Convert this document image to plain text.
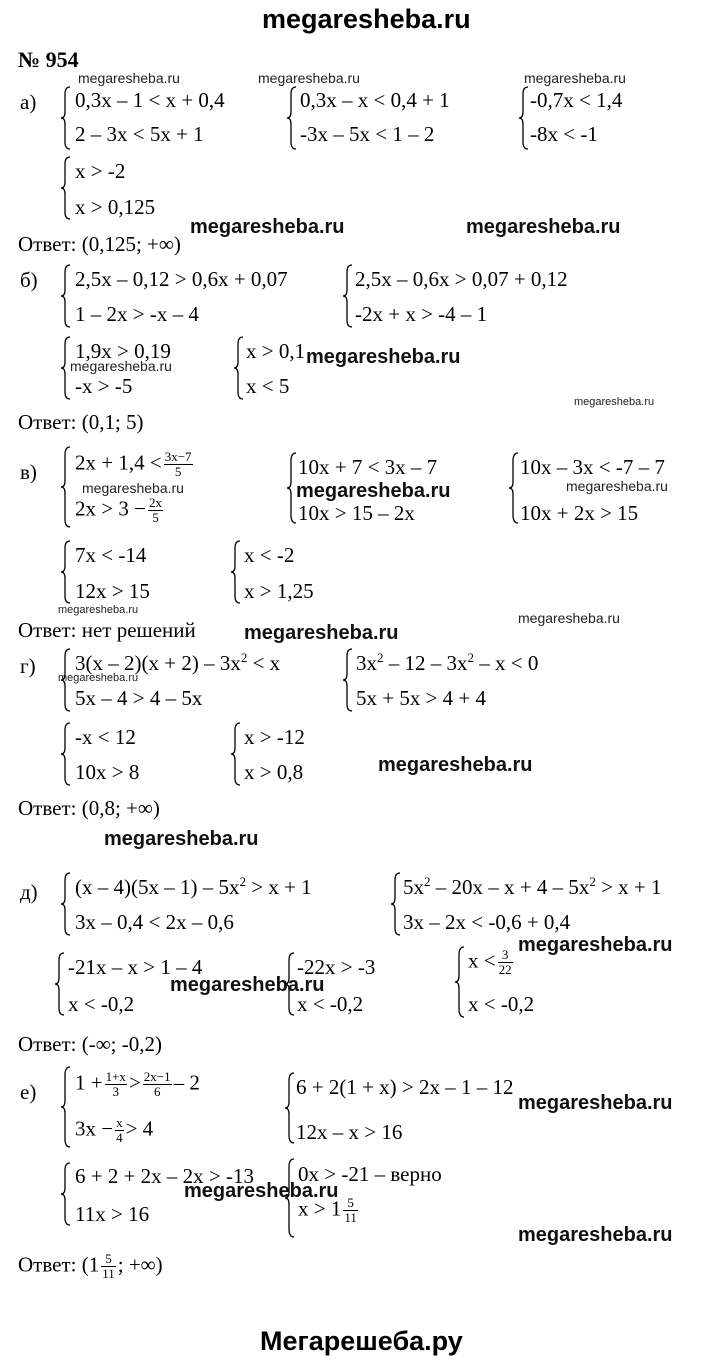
megaresheba.ru
Мегарешеба.ру
№ 954
а) 0,3x – 1 < x + 0,4
2 – 3x < 5x + 1
0,3x – x < 0,4 + 1
-3x – 5x < 1 – 2
-0,7x < 1,4
-8x < -1
x > -2
x > 0,125
Ответ: (0,125; +∞)
б) 2,5x – 0,12 > 0,6x + 0,07
1 – 2x > -x – 4
2,5x – 0,6x > 0,07 + 0,12
-2x + x > -4 – 1
1,9x > 0,19
-x > -5
x > 0,1
x < 5
Ответ: (0,1; 5)
в) $2x + 1,4 < \frac{3x-7}{5}$
$2x > 3 - \frac{2x}{5}$
10x + 7 < 3x – 7
10x > 15 – 2x
10x – 3x < -7 – 7
10x + 2x > 15
7x < -14
12x > 15
x < -2
x > 1,25
Ответ: нет решений
г) $3(x - 2)(x + 2) - 3x^2 < x$
5x – 4 > 4 – 5x
$3x^2 - 12 - 3x^2 - x < 0$
5x + 5x > 4 + 4
-x < 12
10x > 8
x > -12
x > 0,8
Ответ: (0,8; +∞)
д) $(x - 4)(5x - 1) - 5x^2 > x + 1$
3x – 0,4 < 2x – 0,6
$5x^2 - 20x - x + 4 - 5x^2 > x + 1$
3x – 2x < -0,6 + 0,4
-21x – x > 1 – 4
x < -0,2
-22x > -3
x < -0,2
$x < \frac{3}{22}$
x < -0,2
Ответ: (-∞; -0,2)
е) $1 + \frac{1+x}{3} > \frac{2x-1}{6} - 2$
$3x - \frac{x}{4} > 4$
6 + 2(1 + x) > 2x – 1 – 12
12x – x > 16
6 + 2 + 2x – 2x > -13
11x > 16
0x > -21 – верно
$x > 1 \frac{5}{11}$
Ответ: ($1 \frac{5}{11}$ ; +∞)
megaresheba.ru	megaresheba.ru	megaresheba.ru
megaresheba.ru	megaresheba.ru
megaresheba.ru	megaresheba.ru
megaresheba.ru
megaresheba.ru	megaresheba.ru	megaresheba.ru
megaresheba.ru	megaresheba.ru
megaresheba.ru
megaresheba.ru
megaresheba.ru
megaresheba.ru
megaresheba.ru
megaresheba.ru
megaresheba.ru
megaresheba.ru
megaresheba.ru
